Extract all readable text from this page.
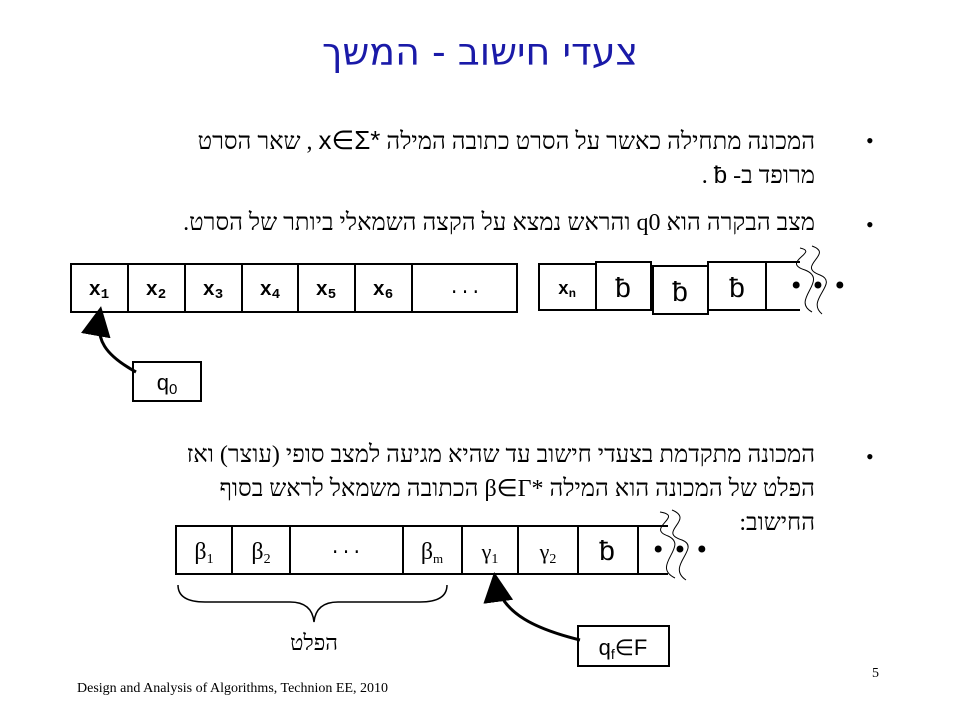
צעדי חישוב - המשך
•
המכונה מתחילה כאשר על הסרט כתובה המילה x∈Σ* , שאר הסרט
מרופד ב- ƀ .
•
מצב הבקרה הוא q0 והראש נמצא על הקצה השמאלי ביותר של הסרט.
•
המכונה מתקדמת בצעדי חישוב עד שהיא מגיעה למצב סופי (עוצר) ואז
הפלט של המכונה הוא המילה β∈Γ* הכתובה משמאל לראש בסוף
החישוב:
x1 x2 x3 x4 x5 x6	...	xn ƀ ƀ ƀ • • •
q0
β1 β2
... βm γ1 γ2 ƀ • • •
הפלט	qf∈F
Design and Analysis of Algorithms, Technion EE, 2010
5
